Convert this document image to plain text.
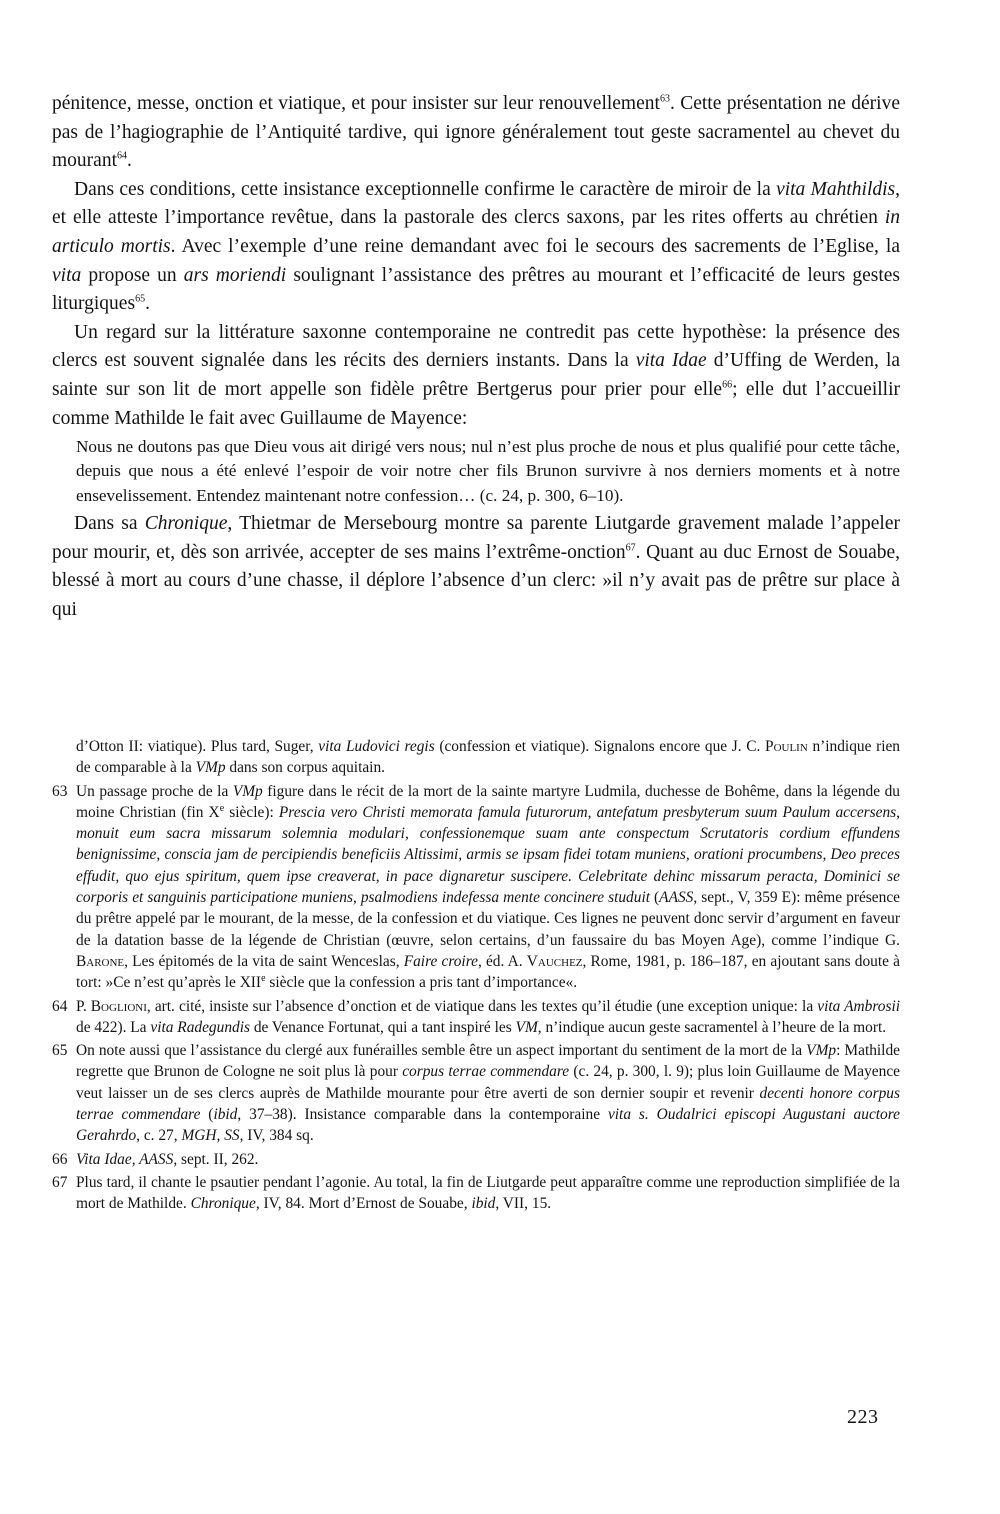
pénitence, messe, onction et viatique, et pour insister sur leur renouvellement$^{63}$. Cette présentation ne dérive pas de l’hagiographie de l’Antiquité tardive, qui ignore généralement tout geste sacramentel au chevet du mourant$^{64}$.

Dans ces conditions, cette insistance exceptionnelle confirme le caractère de miroir de la vita Mahthildis, et elle atteste l’importance revêtue, dans la pastorale des clercs saxons, par les rites offerts au chrétien in articulo mortis. Avec l’exemple d’une reine demandant avec foi le secours des sacrements de l’Eglise, la vita propose un ars moriendi soulignant l’assistance des prêtres au mourant et l’efficacité de leurs gestes liturgiques$^{65}$.

Un regard sur la littérature saxonne contemporaine ne contredit pas cette hypothèse: la présence des clercs est souvent signalée dans les récits des derniers instants. Dans la vita Idae d’Uffing de Werden, la sainte sur son lit de mort appelle son fidèle prêtre Bertgerus pour prier pour elle$^{66}$; elle dut l’accueillir comme Mathilde le fait avec Guillaume de Mayence:

Nous ne doutons pas que Dieu vous ait dirigé vers nous; nul n’est plus proche de nous et plus qualifié pour cette tâche, depuis que nous a été enlevé l’espoir de voir notre cher fils Brunon survivre à nos derniers moments et à notre ensevelissement. Entendez maintenant notre confession… (c. 24, p. 300, 6–10).

Dans sa Chronique, Thietmar de Mersebourg montre sa parente Liutgarde gravement malade l’appeler pour mourir, et, dès son arrivée, accepter de ses mains l’extrême-onction$^{67}$. Quant au duc Ernost de Souabe, blessé à mort au cours d’une chasse, il déplore l’absence d’un clerc: »il n’y avait pas de prêtre sur place à qui

d’Otton II: viatique). Plus tard, Suger, vita Ludovici regis (confession et viatique). Signalons encore que J. C. Poulin n’indique rien de comparable à la VMp dans son corpus aquitain.

63 Un passage proche de la VMp figure dans le récit de la mort de la sainte martyre Ludmila, duchesse de Bohême, dans la légende du moine Christian (fin Xe siècle): Prescia vero Christi memorata famula futurorum, antefatum presbyterum suum Paulum accersens, monuit eum sacra missarum solemnia modulari, confessionemque suam ante conspectum Scrutatoris cordium effundens benignissime, conscia jam de percipiendis beneficiis Altissimi, armis se ipsam fidei totam muniens, orationi procumbens, Deo preces effudit, quo ejus spiritum, quem ipse creaverat, in pace dignaretur suscipere. Celebritate dehinc missarum peracta, Dominici se corporis et sanguinis participatione muniens, psalmodiens indefessa mente concinere studuit (AASS, sept., V, 359 E): même présence du prêtre appelé par le mourant, de la messe, de la confession et du viatique. Ces lignes ne peuvent donc servir d’argument en faveur de la datation basse de la légende de Christian (œuvre, selon certains, d’un faussaire du bas Moyen Age), comme l’indique G. Barone, Les épitomés de la vita de saint Wenceslas, Faire croire, éd. A. Vauchez, Rome, 1981, p. 186–187, en ajoutant sans doute à tort: »Ce n’est qu’après le XIIe siècle que la confession a pris tant d’importance«.

64 P. Boglioni, art. cité, insiste sur l’absence d’onction et de viatique dans les textes qu’il étudie (une exception unique: la vita Ambrosii de 422). La vita Radegundis de Venance Fortunat, qui a tant inspiré les VM, n’indique aucun geste sacramentel à l’heure de la mort.

65 On note aussi que l’assistance du clergé aux funérailles semble être un aspect important du sentiment de la mort de la VMp: Mathilde regrette que Brunon de Cologne ne soit plus là pour corpus terrae commendare (c. 24, p. 300, l. 9); plus loin Guillaume de Mayence veut laisser un de ses clercs auprès de Mathilde mourante pour être averti de son dernier soupir et revenir decenti honore corpus terrae commendare (ibid, 37–38). Insistance comparable dans la contemporaine vita s. Oudalrici episcopi Augustani auctore Gerahrdo, c. 27, MGH, SS, IV, 384 sq.

66 Vita Idae, AASS, sept. II, 262.

67 Plus tard, il chante le psautier pendant l’agonie. Au total, la fin de Liutgarde peut apparaître comme une reproduction simplifiée de la mort de Mathilde. Chronique, IV, 84. Mort d’Ernost de Souabe, ibid, VII, 15.

223
